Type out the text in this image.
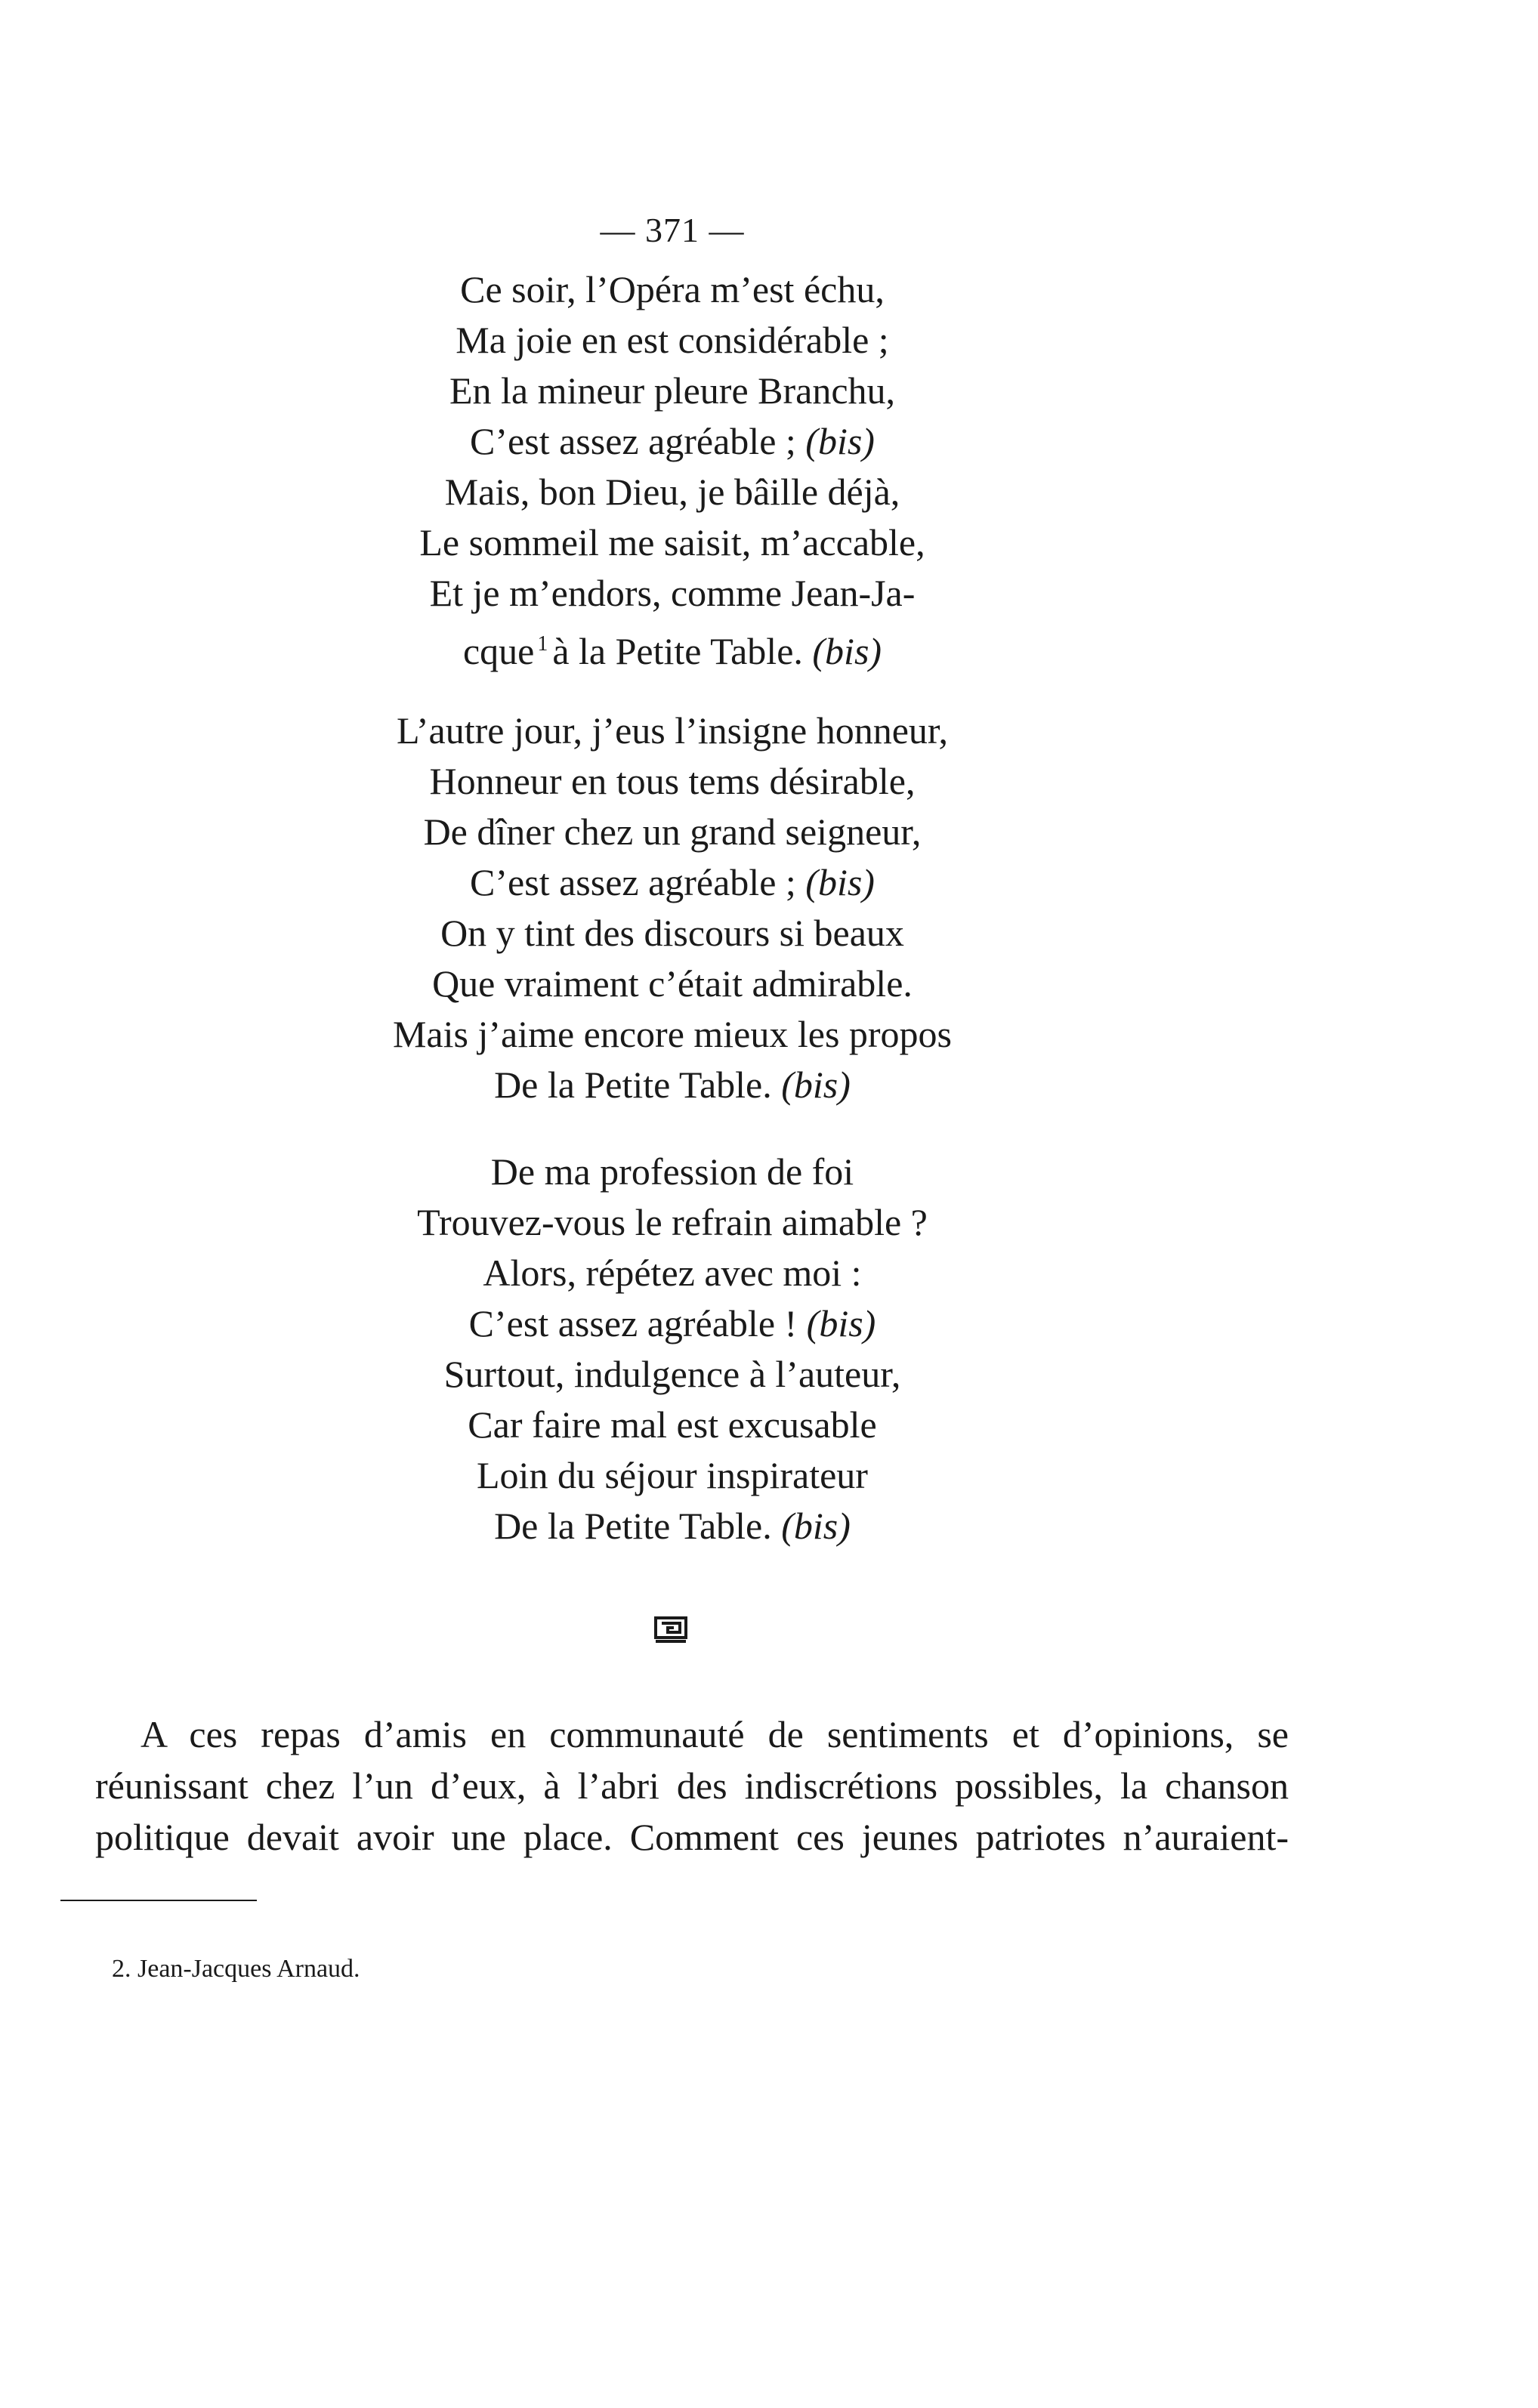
— 371 —
Ce soir, l’Opéra m’est échu,
Ma joie en est considérable ;
En la mineur pleure Branchu,
C’est assez agréable ; (bis)
Mais, bon Dieu, je bâille déjà,
Le sommeil me saisit, m’accable,
Et je m’endors, comme Jean-Ja-
cque $^1$ à la Petite Table. (bis)
L’autre jour, j’eus l’insigne honneur,
Honneur en tous tems désirable,
De dîner chez un grand seigneur,
C’est assez agréable ; (bis)
On y tint des discours si beaux
Que vraiment c’était admirable.
Mais j’aime encore mieux les propos
De la Petite Table. (bis)
De ma profession de foi
Trouvez-vous le refrain aimable ?
Alors, répétez avec moi :
C’est assez agréable ! (bis)
Surtout, indulgence à l’auteur,
Car faire mal est excusable
Loin du séjour inspirateur
De la Petite Table. (bis)
A ces repas d’amis en communauté de sentiments et d’opinions, se
réunissant chez l’un d’eux, à l’abri des indiscrétions possibles, la chanson
politique devait avoir une place. Comment ces jeunes patriotes n’auraient-
2. Jean-Jacques Arnaud.
